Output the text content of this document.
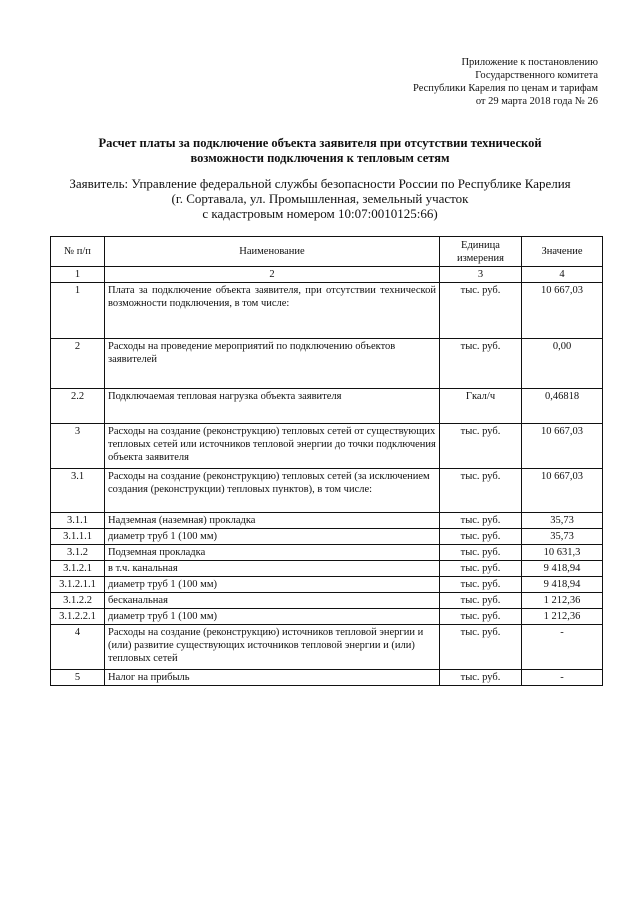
Приложение к постановлению
Государственного комитета
Республики Карелия по ценам и тарифам
от 29 марта 2018 года № 26
Расчет платы за подключение объекта заявителя при отсутствии технической
возможности подключения к тепловым сетям
Заявитель: Управление федеральной службы безопасности России по Республике Карелия
(г. Сортавала, ул. Промышленная, земельный участок
с кадастровым номером 10:07:0010125:66)
№ п/п	Наименование	Единица измерения	Значение
1	2	3	4
1	Плата за подключение объекта заявителя, при отсутствии технической возможности подключения, в том числе:	тыс. руб.	10 667,03
2	Расходы на проведение мероприятий по подключению объектов заявителей	тыс. руб.	0,00
2.2	Подключаемая тепловая нагрузка объекта заявителя	Гкал/ч	0,46818
3	Расходы на создание (реконструкцию) тепловых сетей от существующих тепловых сетей или источников тепловой энергии до точки подключения объекта заявителя	тыс. руб.	10 667,03
3.1	Расходы на создание (реконструкцию) тепловых сетей (за исключением создания (реконструкции) тепловых пунктов), в том числе:	тыс. руб.	10 667,03
3.1.1	Надземная (наземная) прокладка	тыс. руб.	35,73
3.1.1.1	диаметр труб 1 (100 мм)	тыс. руб.	35,73
3.1.2	Подземная прокладка	тыс. руб.	10 631,3
3.1.2.1	в т.ч. канальная	тыс. руб.	9 418,94
3.1.2.1.1	диаметр труб 1 (100 мм)	тыс. руб.	9 418,94
3.1.2.2	бесканальная	тыс. руб.	1 212,36
3.1.2.2.1	диаметр труб 1 (100 мм)	тыс. руб.	1 212,36
4	Расходы на создание (реконструкцию) источников тепловой энергии и (или) развитие существующих источников тепловой энергии и (или) тепловых сетей	тыс. руб.	-
5	Налог на прибыль	тыс. руб.	-
